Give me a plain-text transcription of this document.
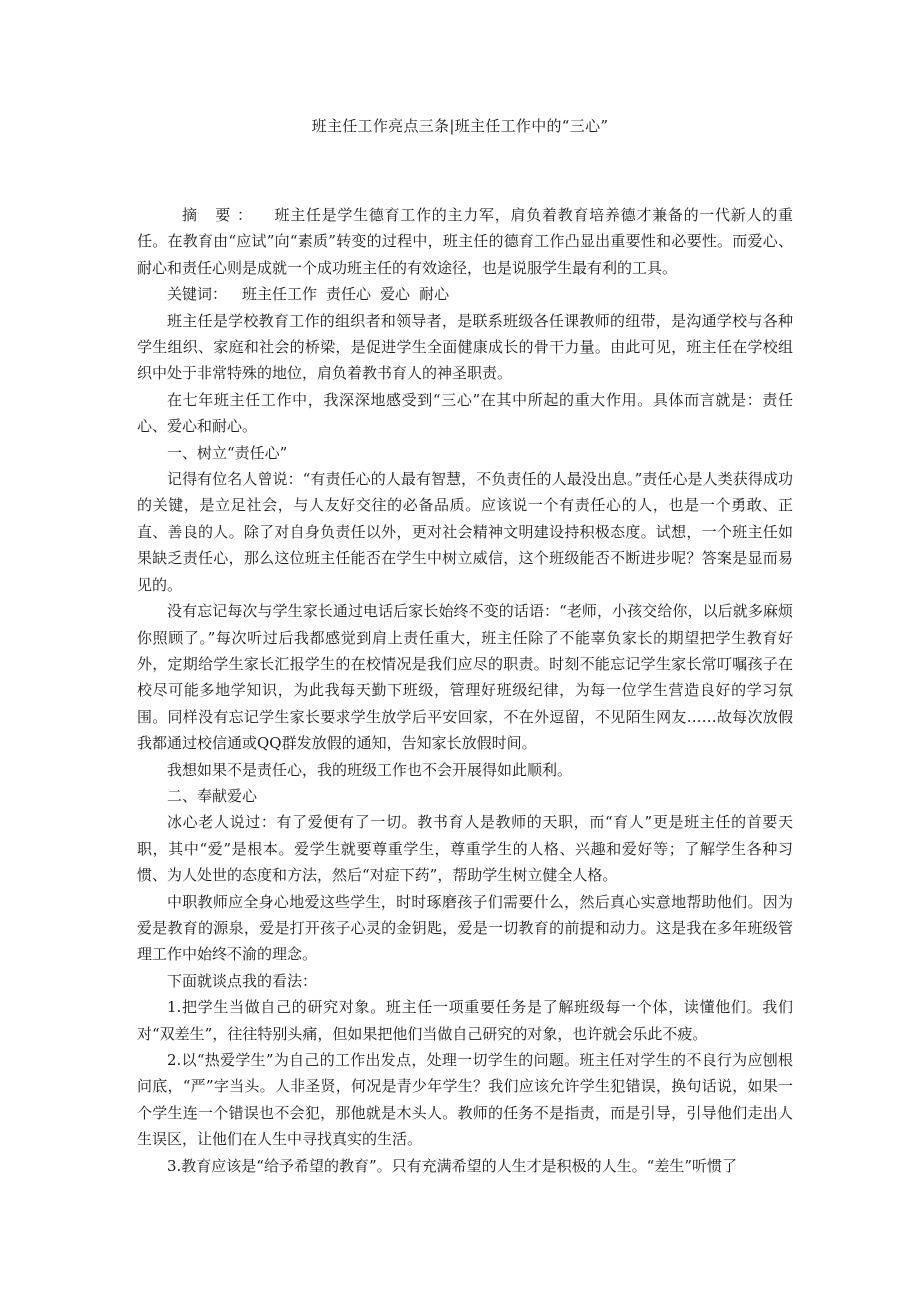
班主任工作亮点三条|班主任工作中的“三心”

摘 要： 班主任是学生德育工作的主力军，肩负着教育培养德才兼备的一代新人的重任。在教育由“应试”向“素质”转变的过程中，班主任的德育工作凸显出重要性和必要性。而爱心、耐心和责任心则是成就一个成功班主任的有效途径，也是说服学生最有利的工具。

关键词： 班主任工作 责任心 爱心 耐心

班主任是学校教育工作的组织者和领导者，是联系班级各任课教师的纽带，是沟通学校与各种学生组织、家庭和社会的桥梁，是促进学生全面健康成长的骨干力量。由此可见，班主任在学校组织中处于非常特殊的地位，肩负着教书育人的神圣职责。

在七年班主任工作中，我深深地感受到“三心”在其中所起的重大作用。具体而言就是：责任心、爱心和耐心。

一、树立“责任心”

记得有位名人曾说：“有责任心的人最有智慧，不负责任的人最没出息。”责任心是人类获得成功的关键，是立足社会，与人友好交往的必备品质。应该说一个有责任心的人，也是一个勇敢、正直、善良的人。除了对自身负责任以外，更对社会精神文明建设持积极态度。试想，一个班主任如果缺乏责任心，那么这位班主任能否在学生中树立威信，这个班级能否不断进步呢？答案是显而易见的。

没有忘记每次与学生家长通过电话后家长始终不变的话语：“老师，小孩交给你，以后就多麻烦你照顾了。”每次听过后我都感觉到肩上责任重大，班主任除了不能辜负家长的期望把学生教育好外，定期给学生家长汇报学生的在校情况是我们应尽的职责。时刻不能忘记学生家长常叮嘱孩子在校尽可能多地学知识，为此我每天勤下班级，管理好班级纪律，为每一位学生营造良好的学习氛围。同样没有忘记学生家长要求学生放学后平安回家，不在外逗留，不见陌生网友……故每次放假我都通过校信通或QQ群发放假的通知，告知家长放假时间。

我想如果不是责任心，我的班级工作也不会开展得如此顺利。

二、奉献爱心

冰心老人说过：有了爱便有了一切。教书育人是教师的天职，而“育人”更是班主任的首要天职，其中“爱”是根本。爱学生就要尊重学生，尊重学生的人格、兴趣和爱好等；了解学生各种习惯、为人处世的态度和方法，然后“对症下药”，帮助学生树立健全人格。

中职教师应全身心地爱这些学生，时时琢磨孩子们需要什么，然后真心实意地帮助他们。因为爱是教育的源泉，爱是打开孩子心灵的金钥匙，爱是一切教育的前提和动力。这是我在多年班级管理工作中始终不渝的理念。

下面就谈点我的看法：

1.把学生当做自己的研究对象。班主任一项重要任务是了解班级每一个体，读懂他们。我们对“双差生”，往往特别头痛，但如果把他们当做自己研究的对象，也许就会乐此不疲。

2.以“热爱学生”为自己的工作出发点，处理一切学生的问题。班主任对学生的不良行为应刨根问底，“严”字当头。人非圣贤，何况是青少年学生？我们应该允许学生犯错误，换句话说，如果一个学生连一个错误也不会犯，那他就是木头人。教师的任务不是指责，而是引导，引导他们走出人生误区，让他们在人生中寻找真实的生活。

3.教育应该是“给予希望的教育”。只有充满希望的人生才是积极的人生。“差生”听惯了
